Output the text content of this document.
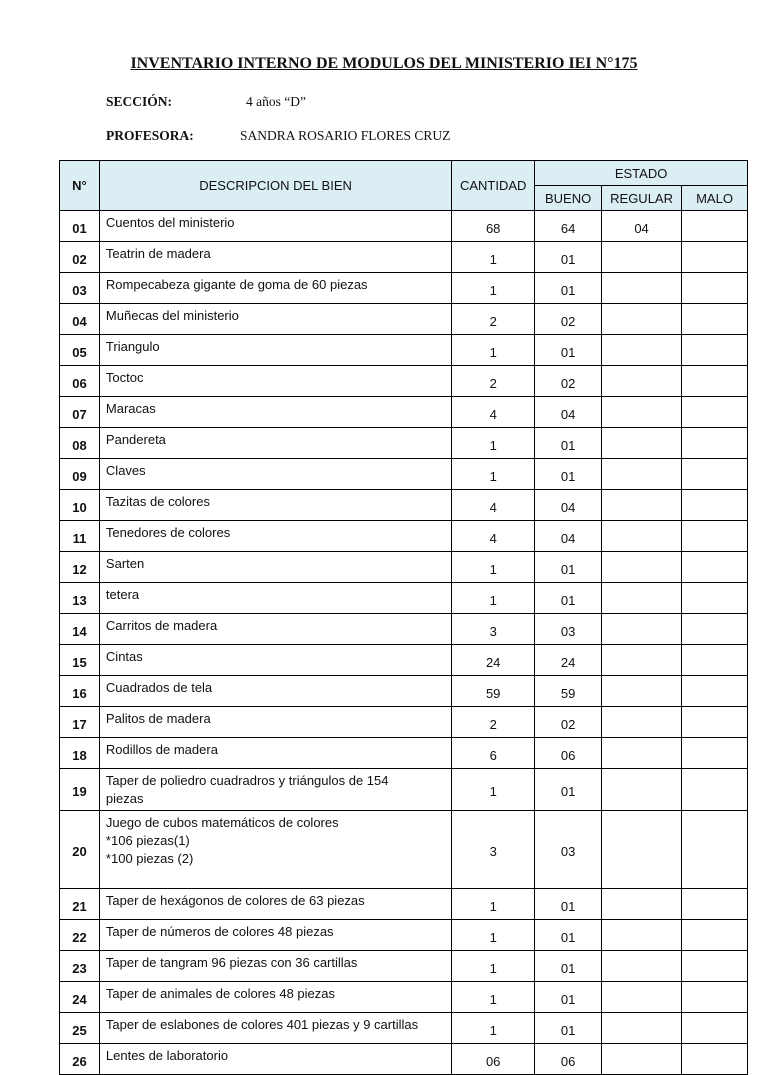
INVENTARIO INTERNO DE MODULOS DEL MINISTERIO IEI N°175
SECCIÓN:	4 años “D”
PROFESORA:	SANDRA ROSARIO FLORES CRUZ
N°	DESCRIPCION DEL BIEN	CANTIDAD	ESTADO		
			BUENO	REGULAR	MALO
01	Cuentos del ministerio	68	64	04	
02	Teatrin de madera	1	01		
03	Rompecabeza gigante de goma de 60 piezas	1	01		
04	Muñecas del ministerio	2	02		
05	Triangulo	1	01		
06	Toctoc	2	02		
07	Maracas	4	04		
08	Pandereta	1	01		
09	Claves	1	01		
10	Tazitas de colores	4	04		
11	Tenedores de colores	4	04		
12	Sarten	1	01		
13	tetera	1	01		
14	Carritos de madera	3	03		
15	Cintas	24	24		
16	Cuadrados de tela	59	59		
17	Palitos de madera	2	02		
18	Rodillos de madera	6	06		
19	Taper de poliedro cuadradros y triángulos de 154
piezas	1	01		
20	Juego de cubos matemáticos de colores
*106 piezas(1)
*100 piezas (2)	3	03		
21	Taper de hexágonos de colores de 63 piezas	1	01		
22	Taper de números de colores 48 piezas	1	01		
23	Taper de tangram 96 piezas con 36 cartillas	1	01		
24	Taper de animales de colores 48 piezas	1	01		
25	Taper de eslabones de colores 401 piezas y 9 cartillas	1	01		
26	Lentes de laboratorio	06	06		
